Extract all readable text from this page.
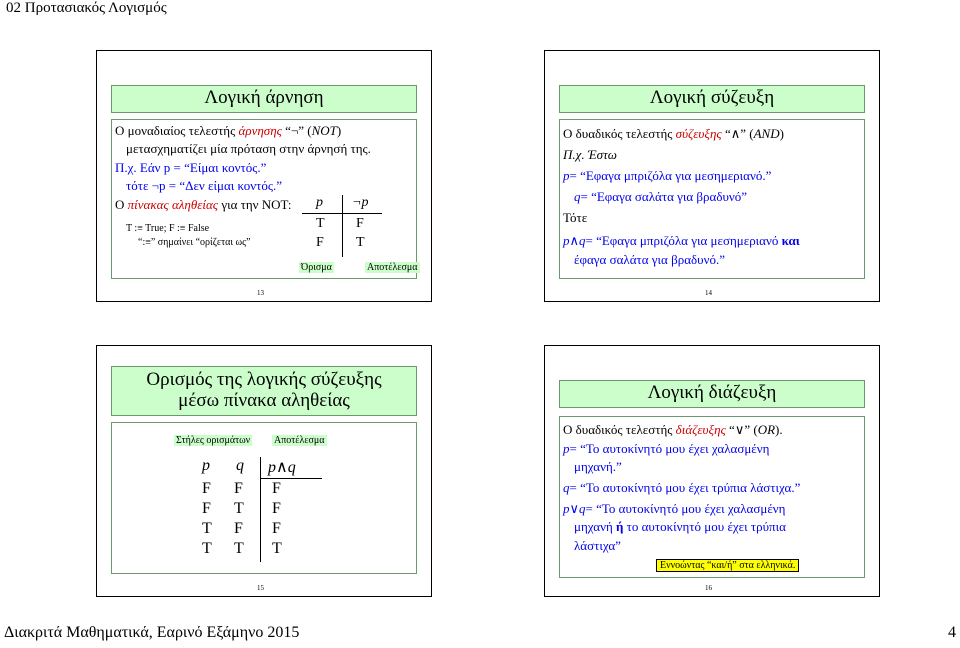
02 Προτασιακός Λογισμός
Λογική άρνηση
Ο μοναδιαίος τελεστής άρνησης “¬” (NOT)
μετασχηματίζει μία πρόταση στην άρνησή της.
Π.χ. Εάν p = “Είμαι κοντός.”
τότε ¬p = “Δεν είμαι κοντός.”
Ο πίνακας αληθείας για την NOT:
T :≡ True; F :≡ False
“:≡” σημαίνει “ορίζεται ως”
p ¬p
T F
F T
Όρισμα	Αποτέλεσμα
13
Λογική σύζευξη
Ο δυαδικός τελεστής σύζευξης “∧” (AND)
Π.χ. Έστω
p= “Εφαγα μπριζόλα για μεσημεριανό.”
q= “Εφαγα σαλάτα για βραδυνό”
Τότε
p∧q= “Εφαγα μπριζόλα για μεσημεριανό και
έφαγα σαλάτα για βραδυνό.”
14
Ορισμός της λογικής σύζευξης
μέσω πίνακα αληθείας
Στήλες ορισμάτων Αποτέλεσμα
p q p∧q
F F F
F T F
T F F
T T T
15
Λογική διάζευξη
Ο δυαδικός τελεστής διάζευξης “∨” (OR).
p= “Το αυτοκίνητό μου έχει χαλασμένη
μηχανή.”
q= “Το αυτοκίνητό μου έχει τρύπια λάστιχα.”
p∨q= “Το αυτοκίνητό μου έχει χαλασμένη
μηχανή ή το αυτοκίνητό μου έχει τρύπια
λάστιχα”
Εννοώντας “και/ή” στα ελληνικά.
16
Διακριτά Μαθηματικά, Εαρινό Εξάμηνο 2015	4
